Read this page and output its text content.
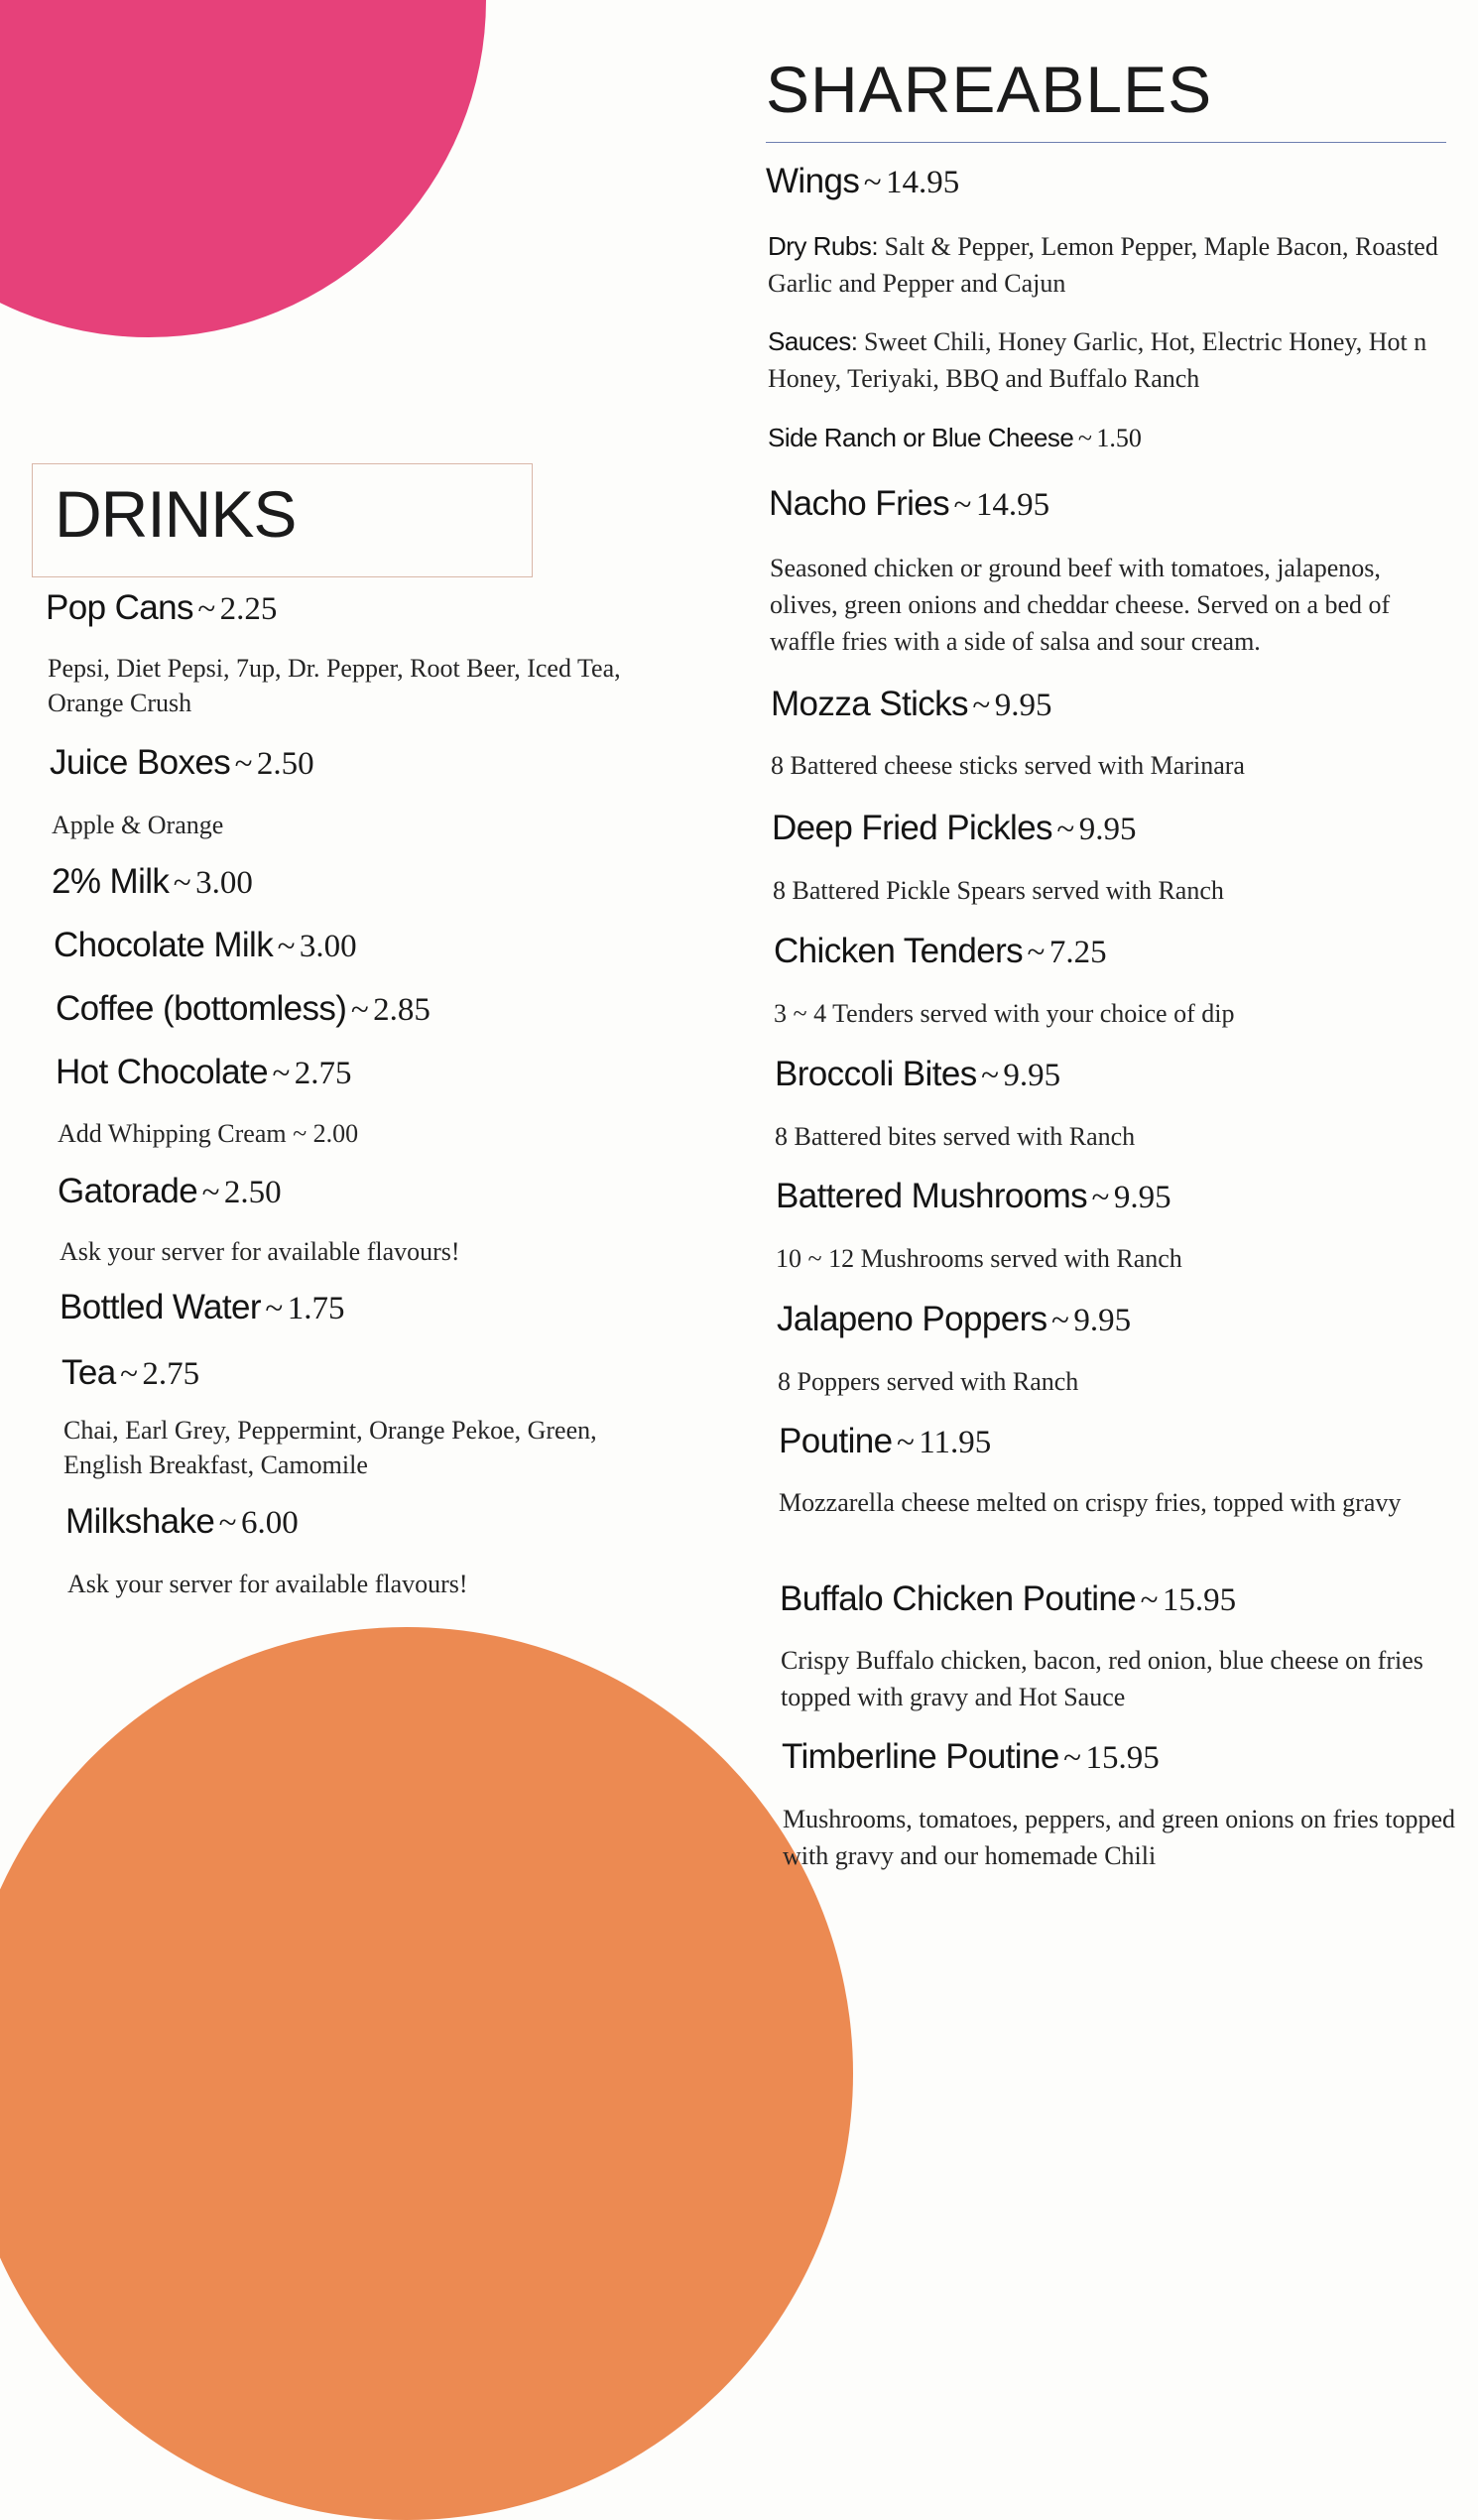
DRINKS

Pop Cans ~ 2.25

Pepsi, Diet Pepsi, 7up, Dr. Pepper, Root Beer, Iced Tea, Orange Crush

Juice Boxes ~ 2.50

Apple & Orange

2% Milk ~ 3.00

Chocolate Milk ~ 3.00

Coffee (bottomless) ~ 2.85

Hot Chocolate ~ 2.75

Add Whipping Cream ~ 2.00

Gatorade ~ 2.50

Ask your server for available flavours!

Bottled Water ~ 1.75

Tea ~ 2.75

Chai, Earl Grey, Peppermint, Orange Pekoe, Green, English Breakfast, Camomile

Milkshake ~ 6.00

Ask your server for available flavours!

SHAREABLES

Wings ~ 14.95

Dry Rubs: Salt & Pepper, Lemon Pepper, Maple Bacon, Roasted Garlic and Pepper and Cajun

Sauces: Sweet Chili, Honey Garlic, Hot, Electric Honey, Hot n Honey, Teriyaki, BBQ and Buffalo Ranch

Side Ranch or Blue Cheese ~ 1.50

Nacho Fries ~ 14.95

Seasoned chicken or ground beef with tomatoes, jalapenos, olives, green onions and cheddar cheese. Served on a bed of waffle fries with a side of salsa and sour cream.

Mozza Sticks ~ 9.95

8 Battered cheese sticks served with Marinara

Deep Fried Pickles ~ 9.95

8 Battered Pickle Spears served with Ranch

Chicken Tenders ~ 7.25

3 ~ 4 Tenders served with your choice of dip

Broccoli Bites ~ 9.95

8 Battered bites served with Ranch

Battered Mushrooms ~ 9.95

10 ~ 12 Mushrooms served with Ranch

Jalapeno Poppers ~ 9.95

8 Poppers served with Ranch

Poutine ~ 11.95

Mozzarella cheese melted on crispy fries, topped with gravy

Buffalo Chicken Poutine ~ 15.95

Crispy Buffalo chicken, bacon, red onion, blue cheese on fries topped with gravy and Hot Sauce

Timberline Poutine ~ 15.95

Mushrooms, tomatoes, peppers, and green onions on fries topped with gravy and our homemade Chili
